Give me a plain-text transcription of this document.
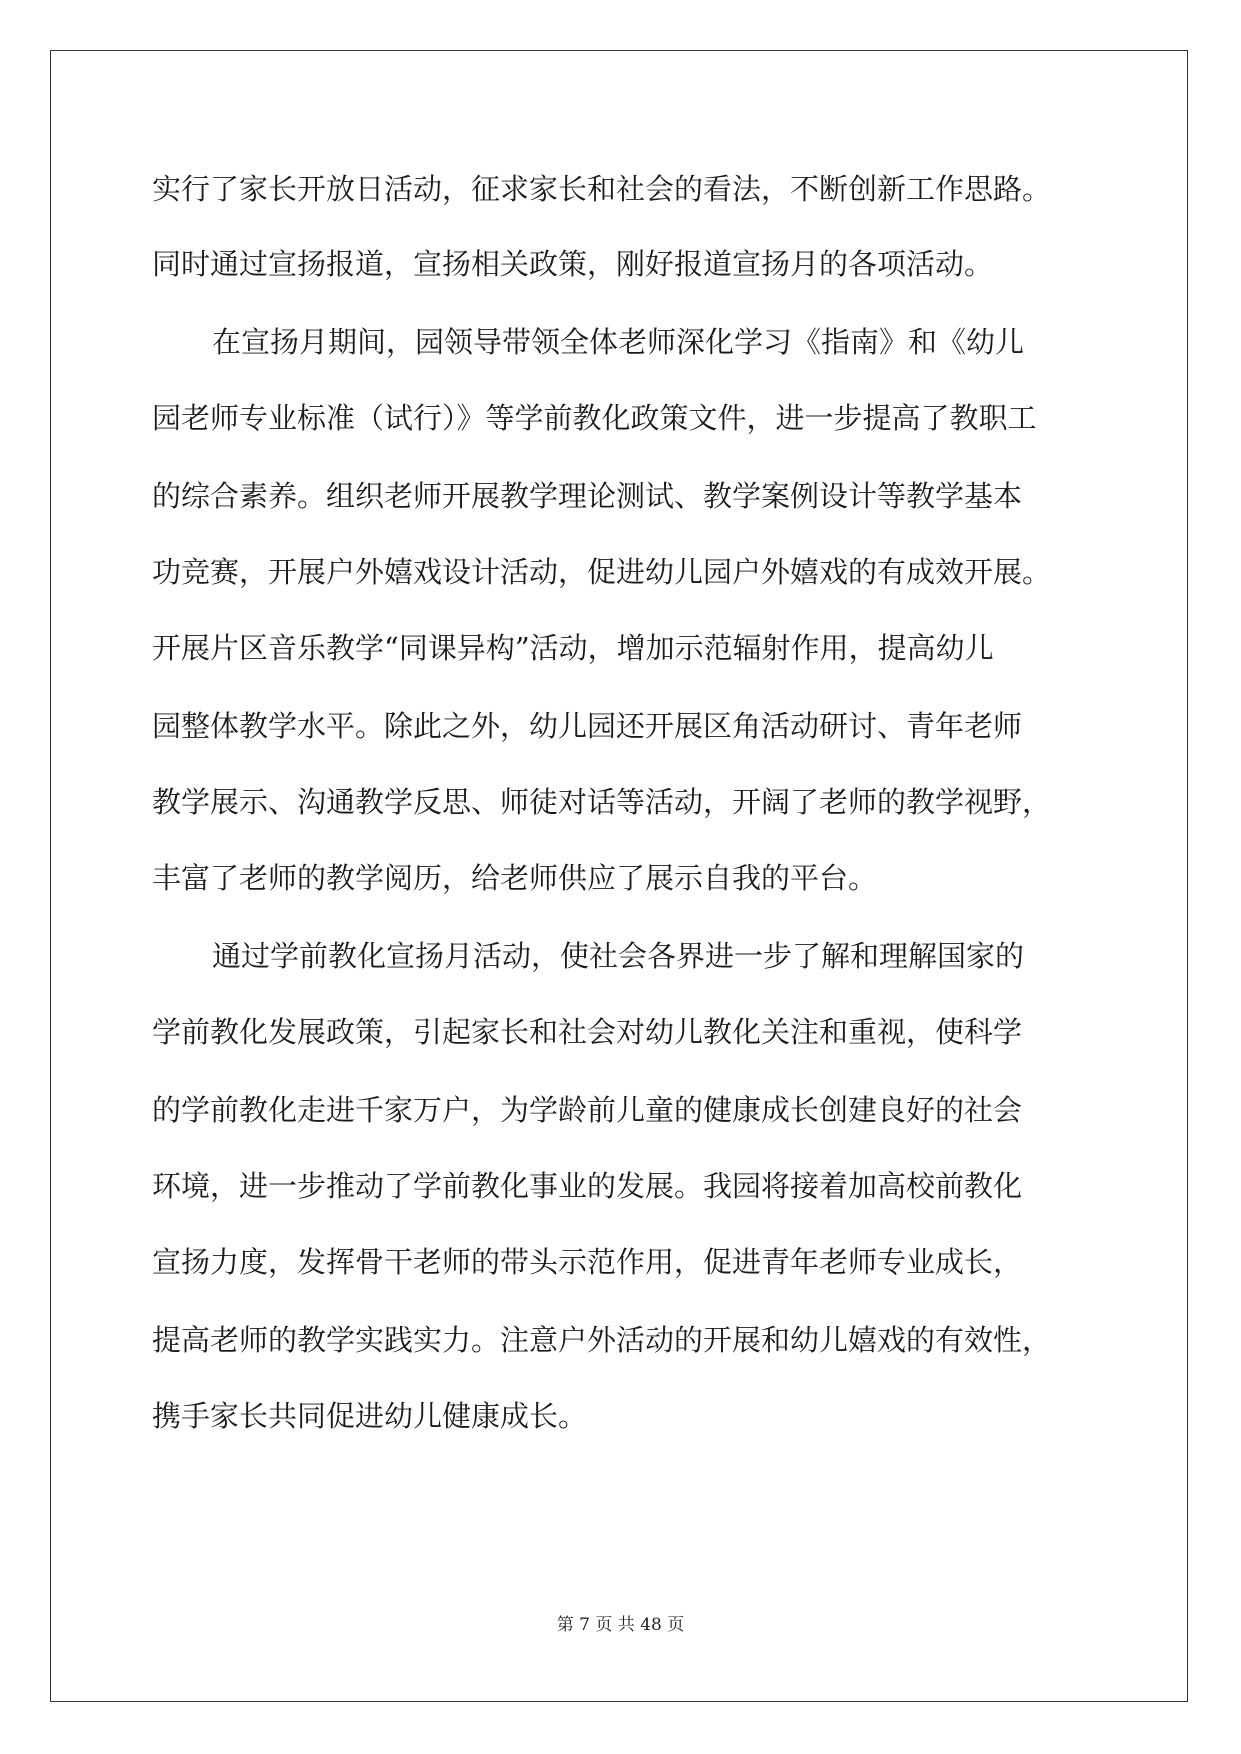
实行了家长开放日活动，征求家长和社会的看法，不断创新工作思路。
同时通过宣扬报道，宣扬相关政策，刚好报道宣扬月的各项活动。
在宣扬月期间，园领导带领全体老师深化学习《指南》和《幼儿
园老师专业标准（试行）》等学前教化政策文件，进一步提高了教职工
的综合素养。组织老师开展教学理论测试、教学案例设计等教学基本
功竞赛，开展户外嬉戏设计活动，促进幼儿园户外嬉戏的有成效开展。
开展片区音乐教学“同课异构”活动，增加示范辐射作用，提高幼儿
园整体教学水平。除此之外，幼儿园还开展区角活动研讨、青年老师
教学展示、沟通教学反思、师徒对话等活动，开阔了老师的教学视野，
丰富了老师的教学阅历，给老师供应了展示自我的平台。
通过学前教化宣扬月活动，使社会各界进一步了解和理解国家的
学前教化发展政策，引起家长和社会对幼儿教化关注和重视，使科学
的学前教化走进千家万户，为学龄前儿童的健康成长创建良好的社会
环境，进一步推动了学前教化事业的发展。我园将接着加高校前教化
宣扬力度，发挥骨干老师的带头示范作用，促进青年老师专业成长，
提高老师的教学实践实力。注意户外活动的开展和幼儿嬉戏的有效性，
携手家长共同促进幼儿健康成长。
第 7 页 共 48 页
